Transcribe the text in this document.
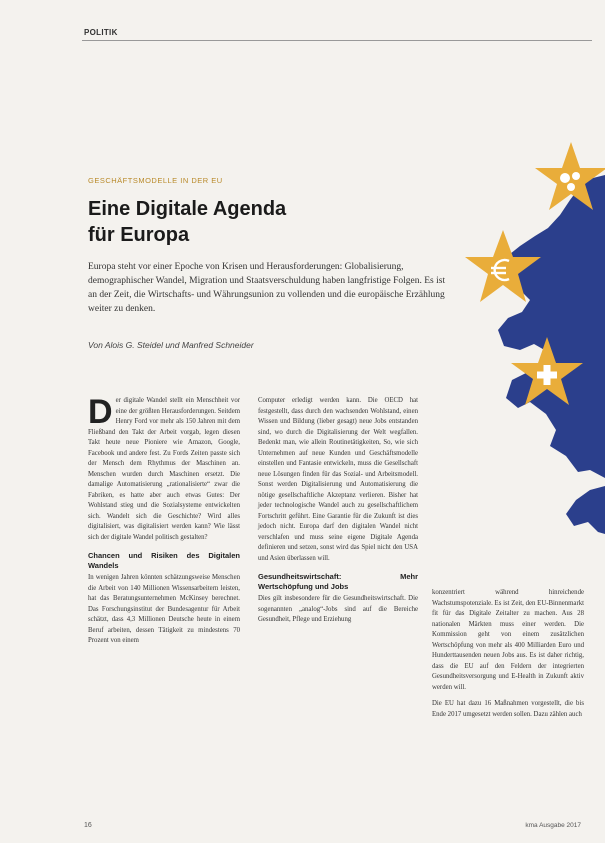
POLITIK
GESCHÄFTSMODELLE IN DER EU
Eine Digitale Agenda
für Europa

Europa steht vor einer Epoche von Krisen und Herausforderungen: Globalisierung, demographischer Wandel, Migration und Staatsverschuldung haben langfristige Folgen. Es ist an der Zeit, die Wirtschafts- und Währungsunion zu vollenden und die europäische Erzählung weiter zu denken.

Von Alois G. Steidel und Manfred Schneider

Der digitale Wandel stellt ein Menschheit vor eine der größten Herausforderungen. Seitdem Henry Ford vor mehr als 150 Jahren mit dem Fließband den Takt der Arbeit vorgab, legen diesen Takt heute neue Pioniere wie Amazon, Google, Facebook und andere fest. Zu Fords Zeiten passte sich der Mensch dem Rhythmus der Maschinen an. Menschen wurden durch Maschinen ersetzt. Die damalige Automatisierung „rationalisierte“ zwar die Fabriken, es hatte aber auch etwas Gutes: Der Wohlstand stieg und die Sozialsysteme entwickelten sich. Wandelt sich die Geschichte? Wird alles digitalisiert, was digitalisiert werden kann? Wie lässt sich der digitale Wandel politisch gestalten?

Chancen und Risiken des Digitalen Wandels

In wenigen Jahren könnten schätzungsweise Menschen die Arbeit von 140 Millionen Wissensarbeitern leisten, hat das Beratungsunternehmen McKinsey berechnet. Das Forschungsinstitut der Bundesagentur für Arbeit schätzt, dass 4,3 Millionen Deutsche heute in einem Beruf arbeiten, dessen Tätigkeit zu mindestens 70 Prozent von einem

Computer erledigt werden kann. Die OECD hat festgestellt, dass durch den wachsenden Wohlstand, einen Wissen und Bildung (lieber gesagt) neue Jobs entstanden sind, wo durch die Digitalisierung der Welt wegfallen. Bedenkt man, wie allein Routinetätigkeiten, So, wie sich Unternehmen auf neue Kunden und Geschäftsmodelle einstellen und Fantasie entwickeln, muss die Gesellschaft neue Lösungen finden für das Sozial- und Arbeitsmodell. Sonst werden Digitalisierung und Automatisierung die nötige gesellschaftliche Akzeptanz verlieren. Bisher hat jeder technologische Wandel auch zu gesellschaftlichem Fortschritt geführt. Eine Garantie für die Zukunft ist dies jedoch nicht. Europa darf den digitalen Wandel nicht verschlafen und muss seine eigene Digitale Agenda definieren und setzen, sonst wird das Spiel nicht den USA und Asien überlassen will.

Gesundheitswirtschaft: Mehr Wertschöpfung und Jobs

Dies gilt insbesondere für die Gesundheitswirtschaft. Die sogenannten „analog“-Jobs sind auf die Bereiche Gesundheit, Pflege und Erziehung

konzentriert während hinreichende Wachstumspotenziale. Es ist Zeit, den EU-Binnenmarkt fit für das Digitale Zeitalter zu machen. Aus 28 nationalen Märkten muss einer werden. Die Kommission geht von einem zusätzlichen Wertschöpfung von mehr als 400 Milliarden Euro und Hunderttausenden neuen Jobs aus. Es ist daher richtig, dass die EU auf den Feldern der integrierten Gesundheitsversorgung und E-Health in Zukunft aktiv werden will.

Die EU hat dazu 16 Maßnahmen vorgestellt, die bis Ende 2017 umgesetzt werden sollen. Dazu zählen auch

16	kma Ausgabe 2017
